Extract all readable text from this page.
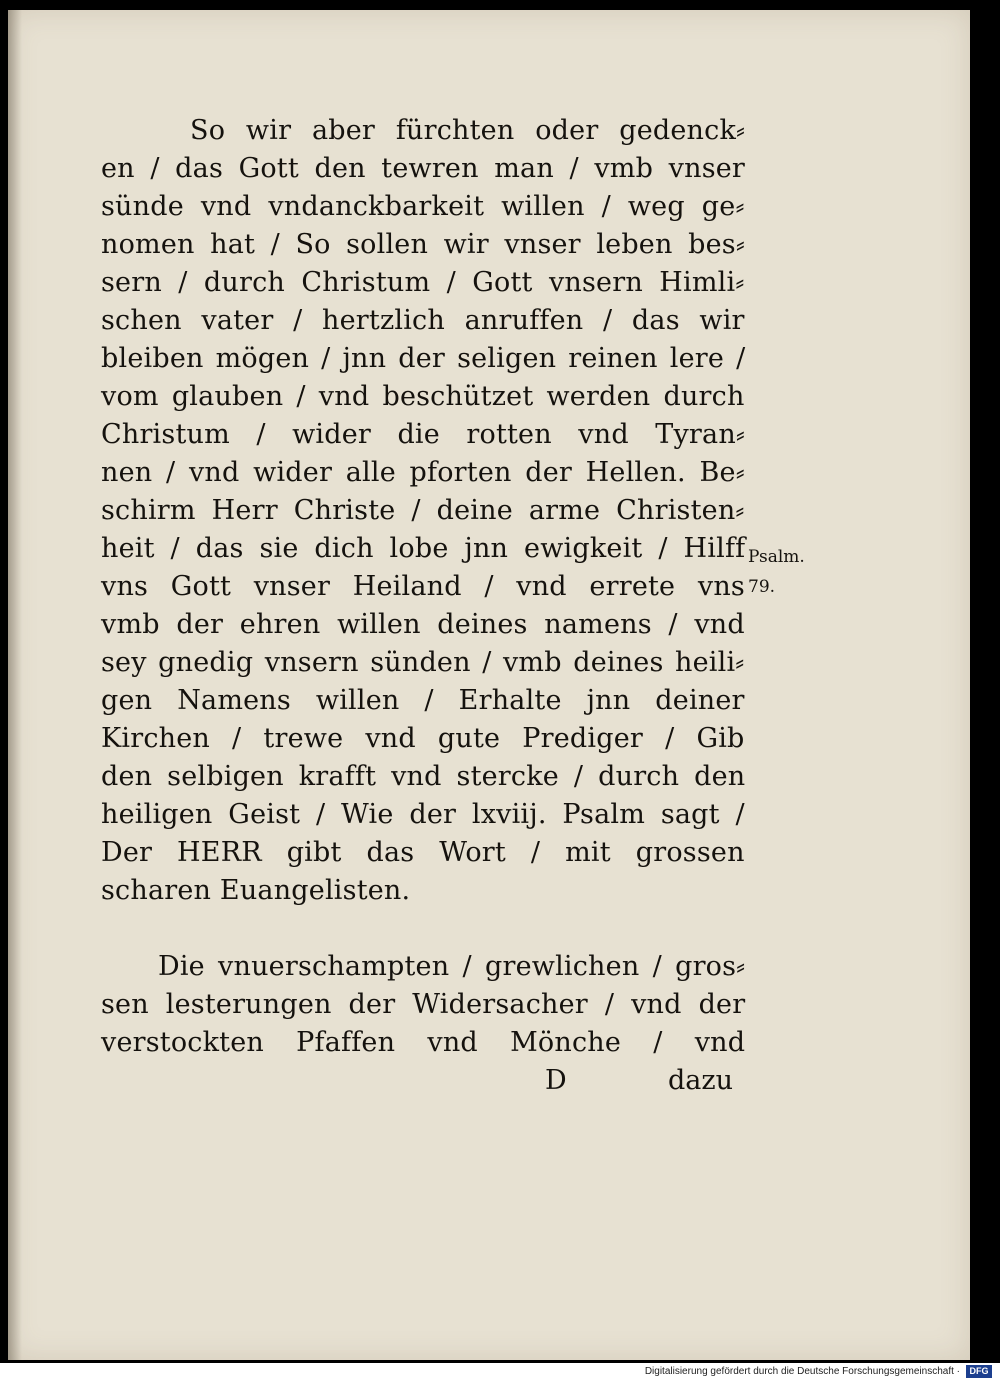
So wir aber fürchten oder gedenck⸗
en / das Gott den tewren man / vmb vnser
sünde vnd vndanckbarkeit willen / weg ge⸗
nomen hat / So sollen wir vnser leben bes⸗
sern / durch Christum / Gott vnsern Himli⸗
schen vater / hertzlich anruffen / das wir
bleiben mögen / jnn der seligen reinen lere /
vom glauben / vnd beschützet werden durch
Christum / wider die rotten vnd Tyran⸗
nen / vnd wider alle pforten der Hellen. Be⸗
schirm Herr Christe / deine arme Christen⸗
heit / das sie dich lobe jnn ewigkeit / Hilff
vns Gott vnser Heiland / vnd errete vns
vmb der ehren willen deines namens / vnd
sey gnedig vnsern sünden / vmb deines heili⸗
gen Namens willen / Erhalte jnn deiner
Kirchen / trewe vnd gute Prediger / Gib
den selbigen krafft vnd stercke / durch den
heiligen Geist / Wie der lxviij. Psalm sagt /
Der HERR gibt das Wort / mit grossen
scharen Euangelisten.
Die vnuerschampten / grewlichen / gros⸗
sen lesterungen der Widersacher / vnd der
verstockten Pfaffen vnd Mönche / vnd
D	dazu
Psalm.
79.
Digitalisierung gefördert durch die Deutsche Forschungsgemeinschaft ·	DFG
